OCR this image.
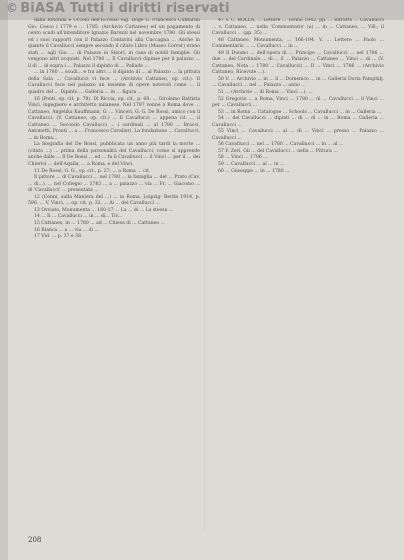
© BiASA Tutti i diritti riservati

dalla Rotonda e Uccelli dell'Eccelso Sig. Doge G. Francesco Contarini Gio. Cesco i 1779 e ... 1785. (Archivio Cattaneo) ed un pagamento di cento scudi all'intenditore Ignazio Barozzi nel novembre 1780. Gli stessi ed i suoi rapporti con il Palazzo Contarini alla Cuccagna ... Anche in quanto il Cavallucci sempre secondo il citato Libro (Museo Correr) erano stati ... agli Gio. ... di Palazzo in Sinori, in casa di nobili famiglie. Gli vengono altri acquisti. Nel 1780 ... Il Cavallucci dipinse per il palazzo ... il dì ... di sopra i ... Palazzo il dipinto di ... Pallade ...

... in 1780 ... scudi... e tra altri ... il dipinto di ... al Palazzo ... la pittura della Sala ... Cavallucci vi fece ... (Archivio Cattaneo, op. cit.). Il Cavallucci fece nel palazzo un insieme di opere notevoli come ... il quadro del ... Dipinto ... Galleria ... in ... figura ...

16 (Ponti, op. cit. p. 78). Di Riccia, op. cit., p. 68: ... Girolamo Battista Vinci, ingegnere e architetto milanese. Nel 1797 venne a Roma dove ... Cattaneo, Angelika Kauffmann, G. ... Vinceri, G. G. De Rossi, amico con il Cavallucci. (V. Cattaneo, op. cit.) ... Il Cavallucci ... appena cit. ... il Cattaneo ... Secondo Cavallucci ... i cardinali ... al 1780 ... Bracci, Antonetti, Pronti ... a ... Francesco Cavalieri, La fondazione ... Cavallucci, ... in Roma...

La biografia del De Rossi, pubblicata un anno più tardi la morte ... (citato ...) ... prima della personalità del Cavallucci, come si apprende anche dalle ... Il De Rossi ... ed ... fu il Cavallucci ... il Vinci ... per il ... dei Chierici ... dell'Aquila, ... a Roma, e del Vinci.

11 De Rossi, G. G., op. cit., p. 27: ... a Roma ... cit.

Il pittore ... di Cavallucci ... nel 1780 ... la famiglia ... del ... Prato (Cav. ... di...). ... nel Collegio ... 1783 ... a ... palazzo ... via ... Fr. ... Giacomo ... di 'Cavallucci' ... presentata ...

12 (Cenni, sulla Maniera del ...) ... in Roma, Leipzig- Berlin 1914, p. 596. ... V. Vinci, ... op. cit. p. 32. ... Ai ... dei Cavallucci ...

13 Ovviato, Monumenta ... 160-17 ... La ... di ... La stessa ...

14 ... Il ... Cavallucci ... in ... di... Tiv...

15 Cattaneo, in ... 1780 ... ad ... Chiesa di ... Cattaneo ...

16 Bianca ... a ... via ... di ...

17 Vid. ... p. 37 e 38.

47 V. C. BOLLA, ... Lettere ... Torino 1942, pp. ... Ritratto ... Cavallucci ... v. Cattaneo, ... nella 'Commentario' (a) ... in ... Cattaneo, ... Vill.; il Cavallucci ... (pp. 35) ...

48 Cattaneo, Monumenta, ... 166-194. V. ... Lettere ... Paolo ... Commentario ... ... Cavallucci ... in ...

49 Il Duomo ... dell'opera di ... Principe ... Cavallucci ... nel 1786 ... due ... del Cardinale ... di ... il ... Palazzo ... Cattaneo ... Vinci ... di ... (V. Cattaneo, Nota ... 1780 ... Cavallucci) ... Il ... Vinci ... 1786 ... (Archivio Cattaneo, Ricevute ...).

50 V. ... Archivio ... in ... il ... Domenico ... in ... Galleria Doria Pamphilj. ... Cavallucci ... nel ... Palazzo ... anno ...

51 ... (Archivio ... di Roma ... Vinci ...). ...

52 Gregorio ... a Roma, Vinci ... 1780 ... di ... Cavallucci ... il Vinci ... per ... Cavallucci ...

53 ... in Roma ... Catalogue ... Schools ... Cavallucci ... in ... Galleria ...

54 ... del Cavallucci ... dipinti ... di ... di ... in ... Roma ... Galleria ... Cavallucci ...

55 Vinci ... Cavallucci ... al ... di ... Vinci ... presso ... Palazzo ... Cavallucci ...

56 Cavallucci ... nel ... 1780 ... Cavallucci ... in ... al ...

57 F. Zeri, Gli ... del Cavallucci ... nella ... Pittura ...

58 ... Vinci ... 1786 ...

59 ... Cavallucci ... al ... in ...

60 ... Giuseppe ... in ... 1780 ...

208
